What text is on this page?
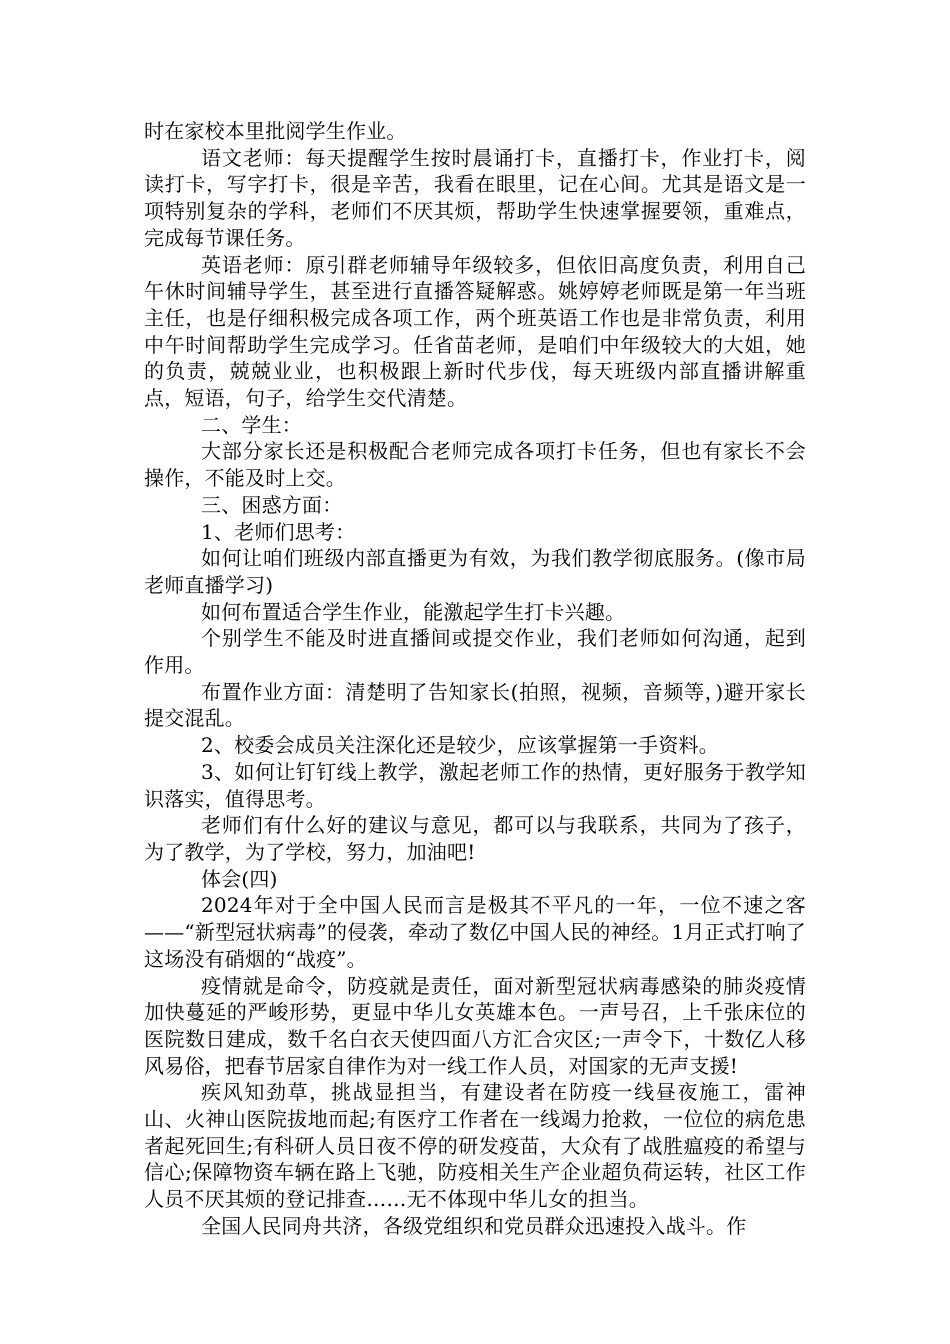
时在家校本里批阅学生作业。

语文老师：每天提醒学生按时晨诵打卡，直播打卡，作业打卡，阅读打卡，写字打卡，很是辛苦，我看在眼里，记在心间。尤其是语文是一项特别复杂的学科，老师们不厌其烦，帮助学生快速掌握要领，重难点，完成每节课任务。

英语老师：原引群老师辅导年级较多，但依旧高度负责，利用自己午休时间辅导学生，甚至进行直播答疑解惑。姚婷婷老师既是第一年当班主任，也是仔细积极完成各项工作，两个班英语工作也是非常负责，利用中午时间帮助学生完成学习。任省苗老师，是咱们中年级较大的大姐，她的负责，兢兢业业，也积极跟上新时代步伐，每天班级内部直播讲解重点，短语，句子，给学生交代清楚。

二、学生：

大部分家长还是积极配合老师完成各项打卡任务，但也有家长不会操作，不能及时上交。

三、困惑方面：

1、老师们思考：

如何让咱们班级内部直播更为有效，为我们教学彻底服务。(像市局老师直播学习)

如何布置适合学生作业，能激起学生打卡兴趣。

个别学生不能及时进直播间或提交作业，我们老师如何沟通，起到作用。

布置作业方面：清楚明了告知家长(拍照，视频，音频等，)避开家长提交混乱。

2、校委会成员关注深化还是较少，应该掌握第一手资料。

3、如何让钉钉线上教学，激起老师工作的热情，更好服务于教学知识落实，值得思考。

老师们有什么好的建议与意见，都可以与我联系，共同为了孩子，为了教学，为了学校，努力，加油吧!

体会(四)

2024年对于全中国人民而言是极其不平凡的一年，一位不速之客——“新型冠状病毒”的侵袭，牵动了数亿中国人民的神经。1月正式打响了这场没有硝烟的“战疫”。

疫情就是命令，防疫就是责任，面对新型冠状病毒感染的肺炎疫情加快蔓延的严峻形势，更显中华儿女英雄本色。一声号召，上千张床位的医院数日建成，数千名白衣天使四面八方汇合灾区;一声令下，十数亿人移风易俗，把春节居家自律作为对一线工作人员，对国家的无声支援!

疾风知劲草，挑战显担当，有建设者在防疫一线昼夜施工，雷神山、火神山医院拔地而起;有医疗工作者在一线竭力抢救，一位位的病危患者起死回生;有科研人员日夜不停的研发疫苗，大众有了战胜瘟疫的希望与信心;保障物资车辆在路上飞驰，防疫相关生产企业超负荷运转，社区工作人员不厌其烦的登记排查……无不体现中华儿女的担当。

全国人民同舟共济，各级党组织和党员群众迅速投入战斗。作
